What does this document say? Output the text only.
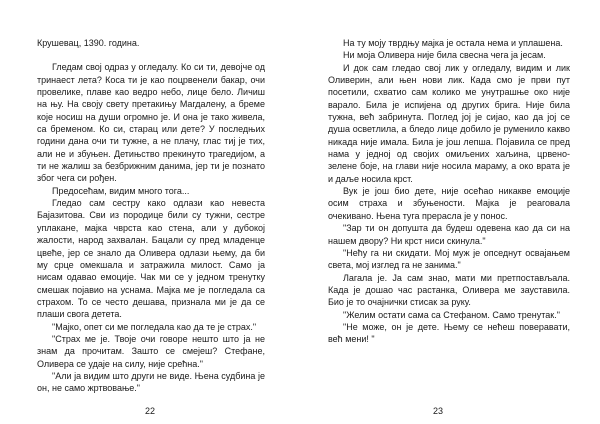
Крушевац, 1390. година.

Гледам свој одраз у огледалу. Ко си ти, девојче од тринаест лета? Коса ти је као поцрвенели бакар, очи провелике, плаве као ведро небо, лице бело. Личиш на њу. На своју свету претакињу Магдалену, а бреме које носиш на души огромно је. И она је тако живела, са бременом. Ко си, старац или дете? У последњих години дана очи ти тужне, а не плачу, глас тиј је тих, али не и збуњен. Детињство прекинуто трагедијом, а ти не жалиш за безбрижним данима, јер ти је познато због чега си рођен.

Предосећам, видим много тога...

Гледао сам сестру како одлази као невеста Бајазитова. Сви из породице били су тужни, сестре уплакане, мајка чврста као стена, али у дубокој жалости, народ захвалан. Бацали су пред младенце цвеће, јер се знало да Оливера одлази њему, да би му срце омекшала и затражила милост. Само ја нисам одавао емоције. Чак ми се у једном тренутку смешак појавио на уснама. Мајка ме је погледала са страхом. То се често дешава, признала ми је да се плаши свога детета.

"Мајко, опет си ме погледала као да те је страх."

"Страх ме је. Твоје очи говоре нешто што ја не знам да прочитам. Зашто се смејеш? Стефане, Оливера се удаје на силу, није срећна."

"Али ја видим што други не виде. Њена судбина је он, не само жртвовање."

22

На ту моју тврдњу мајка је остала нема и уплашена.

Ни моја Оливера није била свесна чега ја јесам.

И док сам гледао свој лик у огледалу, видим и лик Оливерин, али њен нови лик. Када смо је први пут посетили, схватио сам колико ме унутрашње око није варало. Била је испијена од других брига. Није била тужна, већ забринута. Поглед јој је сијао, као да јој се душа осветлила, а бледо лице добило је руменило какво никада није имала. Била је још лепша. Појавила се пред нама у једној од својих омиљених хаљина, црвено-зелене боје, на глави није носила мараму, а око врата је и даље носила крст.

Вук је још био дете, није осећао никакве емоције осим страха и збуњености. Мајка је реаговала очекивано. Њена туга прерасла је у понос.

"Зар ти он допушта да будеш одевена као да си на нашем двору? Ни крст ниси скинула."

"Нећу га ни скидати. Мој муж је опседнут освајањем света, мој изглед га не занима."

Лагала је. Ја сам знао, мати ми претпостављала. Када је дошао час растанка, Оливера ме зауставила. Био је то очајнички стисак за руку.

"Желим остати сама са Стефаном. Само тренутак."

"Не може, он је дете. Њему се нећеш поверавати, већ мени! "

23
